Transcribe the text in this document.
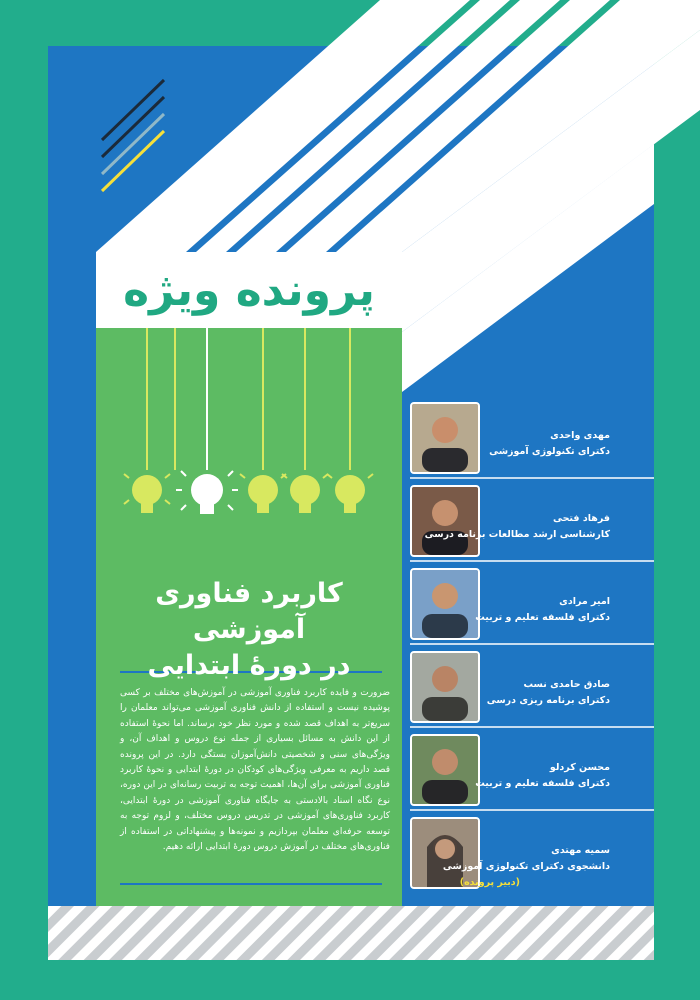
پرونده ویژه
کاربرد فناوری آموزشی
در دورهٔ ابتدایی
ضرورت و فایده کاربرد فناوری آموزشی در آموزش‌های مختلف بر کسی پوشیده نیست و استفاده از دانش فناوری آموزشی می‌تواند معلمان را سریع‌تر به اهداف قصد شده و مورد نظر خود برساند. اما نحوهٔ استفاده از این دانش به مسائل بسیاری از جمله نوع دروس و اهداف آن، و ویژگی‌های سنی و شخصیتی دانش‌آموزان بستگی دارد. در این پرونده قصد داریم به معرفی ویژگی‌های کودکان در دورهٔ ابتدایی و نحوهٔ کاربرد فناوری آموزشی برای آن‌ها، اهمیت توجه به تربیت رسانه‌ای در این دوره، نوع نگاه اسناد بالادستی به جایگاه فناوری آموزشی در دورهٔ ابتدایی، کاربرد فناوری‌های آموزشی در تدریس دروس مختلف، و لزوم توجه به توسعه حرفه‌ای معلمان بپردازیم و نمونه‌ها و پیشنهاداتی در استفاده از فناوری‌های مختلف در آموزش دروس دورهٔ ابتدایی ارائه دهیم.
مهدی واحدی
دکترای تکنولوژی آموزشی
فرهاد فتحی
کارشناسی ارشد مطالعات برنامه درسی
امیر مرادی
دکترای فلسفه تعلیم و تربیت
صادق حامدی نسب
دکترای برنامه ریزی درسی
محسن کردلو
دکترای فلسفه تعلیم و تربیت
سمیه مهتدی
دانشجوی دکترای تکنولوژی آموزشی
(دبیر پرونده)
